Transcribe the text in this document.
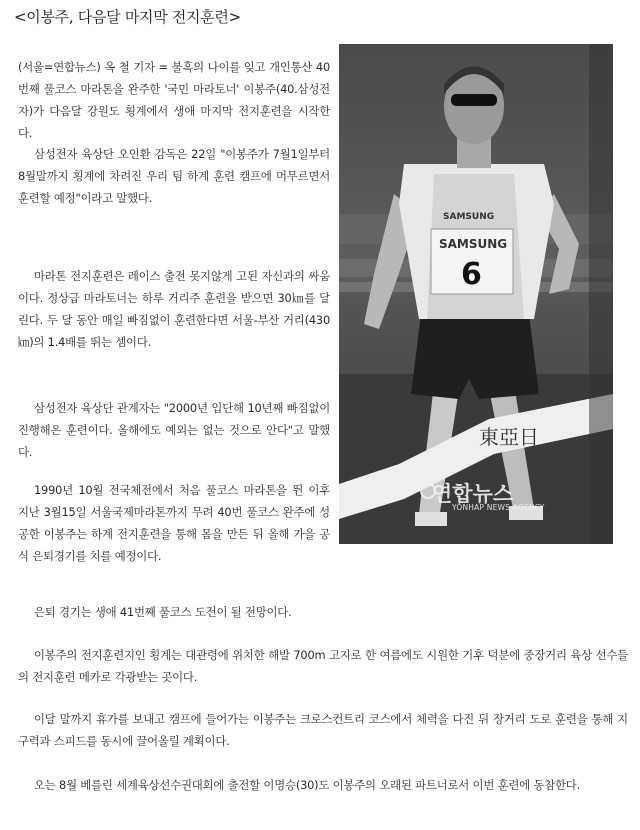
<이봉주, 다음달 마지막 전지훈련>

(서울=연합뉴스) 옥 철 기자 = 불혹의 나이를 잊고 개인통산 40번째 풀코스 마라톤을 완주한 '국민 마라토너' 이봉주(40.삼성전자)가 다음달 강원도 횡계에서 생애 마지막 전지훈련을 시작한다.

삼성전자 육상단 오인환 감독은 22일 "이봉주가 7월1일부터 8월말까지 횡계에 차려진 우리 팀 하계 훈련 캠프에 머무르면서 훈련할 예정"이라고 말했다.

마라톤 전지훈련은 레이스 출전 못지않게 고된 자신과의 싸움이다. 정상급 마라토너는 하루 거리주 훈련을 받으면 30㎞를 달린다. 두 달 동안 매일 빠짐없이 훈련한다면 서울-부산 거리(430㎞)의 1.4배를 뛰는 셈이다.

삼성전자 육상단 관계자는 "2000년 입단해 10년째 빠짐없이 진행해온 훈련이다. 올해에도 예외는 없는 것으로 안다"고 말했다.

1990년 10월 전국체전에서 처음 풀코스 마라톤을 뛴 이후 지난 3월15일 서울국제마라톤까지 무려 40번 풀코스 완주에 성공한 이봉주는 하계 전지훈련을 통해 몸을 만든 뒤 올해 가을 공식 은퇴경기를 치를 예정이다.

은퇴 경기는 생애 41번째 풀코스 도전이 될 전망이다.

이봉주의 전지훈련지인 횡계는 대관령에 위치한 해발 700m 고지로 한 여름에도 시원한 기후 덕분에 중장거리 육상 선수들의 전지훈련 메카로 각광받는 곳이다.

이달 말까지 휴가를 보내고 캠프에 들어가는 이봉주는 크로스컨트리 코스에서 체력을 다진 뒤 장거리 도로 훈련을 통해 지구력과 스피드를 동시에 끌어올릴 계획이다.

오는 8월 베를린 세계육상선수권대회에 출전할 이명승(30)도 이봉주의 오래된 파트너로서 이번 훈련에 동참한다.

SAMSUNG
6
SAMSUNG
東亞日
연합뉴스
YONHAP NEWS AGENCY
